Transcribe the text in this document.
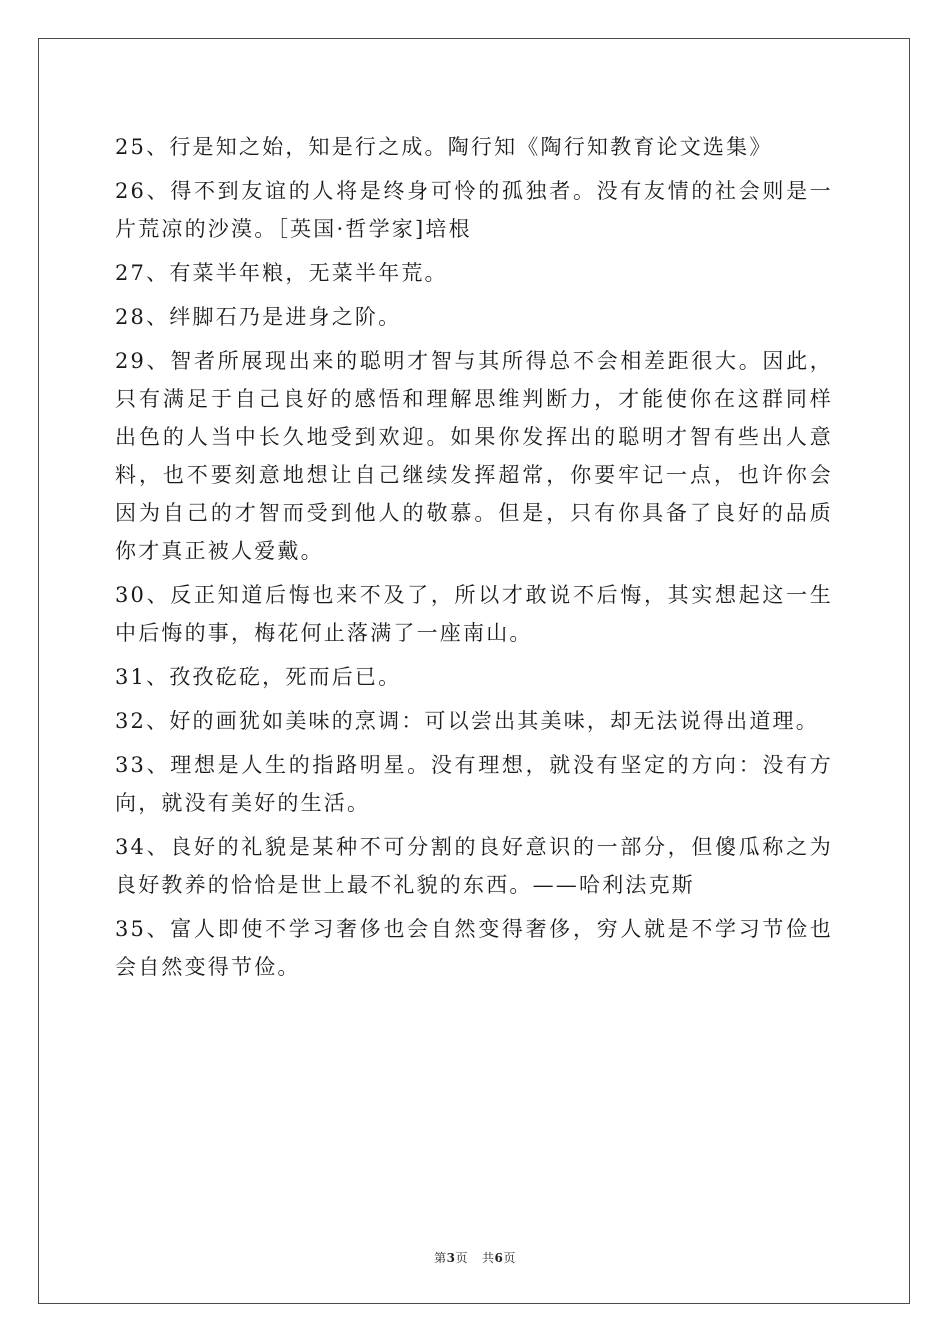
25、行是知之始，知是行之成。陶行知《陶行知教育论文选集》

26、得不到友谊的人将是终身可怜的孤独者。没有友情的社会则是一片荒凉的沙漠。［英国·哲学家]培根

27、有菜半年粮，无菜半年荒。

28、绊脚石乃是进身之阶。

29、智者所展现出来的聪明才智与其所得总不会相差距很大。因此，只有满足于自己良好的感悟和理解思维判断力，才能使你在这群同样出色的人当中长久地受到欢迎。如果你发挥出的聪明才智有些出人意料，也不要刻意地想让自己继续发挥超常，你要牢记一点，也许你会因为自己的才智而受到他人的敬慕。但是，只有你具备了良好的品质你才真正被人爱戴。

30、反正知道后悔也来不及了，所以才敢说不后悔，其实想起这一生中后悔的事，梅花何止落满了一座南山。

31、孜孜矻矻，死而后已。

32、好的画犹如美味的烹调：可以尝出其美味，却无法说得出道理。

33、理想是人生的指路明星。没有理想，就没有坚定的方向：没有方向，就没有美好的生活。

34、良好的礼貌是某种不可分割的良好意识的一部分，但傻瓜称之为良好教养的恰恰是世上最不礼貌的东西。——哈利法克斯

35、富人即使不学习奢侈也会自然变得奢侈，穷人就是不学习节俭也会自然变得节俭。

第3页 共6页
